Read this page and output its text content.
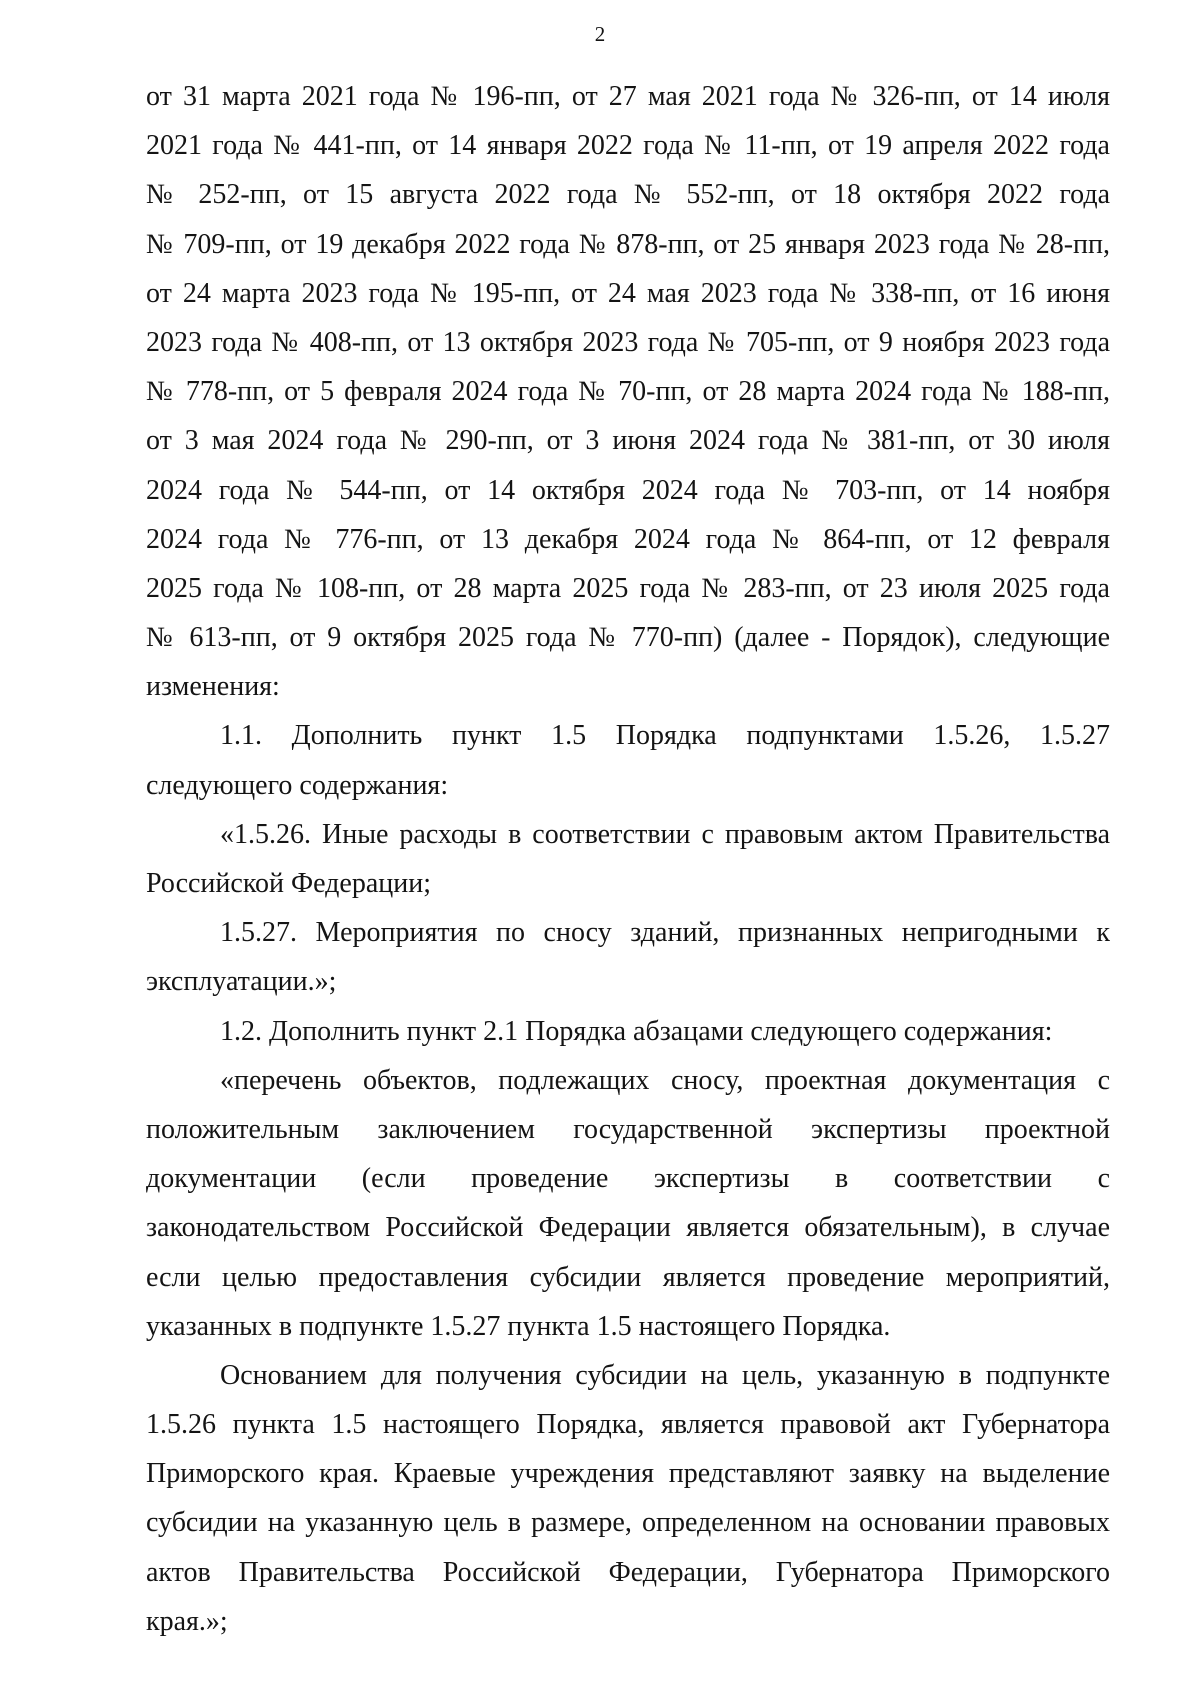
2
от 31 марта 2021 года № 196-пп, от 27 мая 2021 года № 326-пп, от 14 июля
2021 года № 441-пп, от 14 января 2022 года № 11-пп, от 19 апреля 2022 года
№ 252-пп, от 15 августа 2022 года № 552-пп, от 18 октября 2022 года
№ 709-пп, от 19 декабря 2022 года № 878-пп, от 25 января 2023 года № 28-пп,
от 24 марта 2023 года № 195-пп, от 24 мая 2023 года № 338-пп, от 16 июня
2023 года № 408-пп, от 13 октября 2023 года № 705-пп, от 9 ноября 2023 года
№ 778-пп, от 5 февраля 2024 года № 70-пп, от 28 марта 2024 года № 188-пп,
от 3 мая 2024 года № 290-пп, от 3 июня 2024 года № 381-пп, от 30 июля
2024 года № 544-пп, от 14 октября 2024 года № 703-пп, от 14 ноября
2024 года № 776-пп, от 13 декабря 2024 года № 864-пп, от 12 февраля
2025 года № 108-пп, от 28 марта 2025 года № 283-пп, от 23 июля 2025 года
№ 613-пп, от 9 октября 2025 года № 770-пп) (далее - Порядок), следующие
изменения:
1.1. Дополнить пункт 1.5 Порядка подпунктами 1.5.26, 1.5.27
следующего содержания:
«1.5.26. Иные расходы в соответствии с правовым актом Правительства
Российской Федерации;
1.5.27. Мероприятия по сносу зданий, признанных непригодными к
эксплуатации.»;
1.2. Дополнить пункт 2.1 Порядка абзацами следующего содержания:
«перечень объектов, подлежащих сносу, проектная документация с
положительным заключением государственной экспертизы проектной
документации (если проведение экспертизы в соответствии с
законодательством Российской Федерации является обязательным), в случае
если целью предоставления субсидии является проведение мероприятий,
указанных в подпункте 1.5.27 пункта 1.5 настоящего Порядка.
Основанием для получения субсидии на цель, указанную в подпункте
1.5.26 пункта 1.5 настоящего Порядка, является правовой акт Губернатора
Приморского края. Краевые учреждения представляют заявку на выделение
субсидии на указанную цель в размере, определенном на основании правовых
актов Правительства Российской Федерации, Губернатора Приморского
края.»;
